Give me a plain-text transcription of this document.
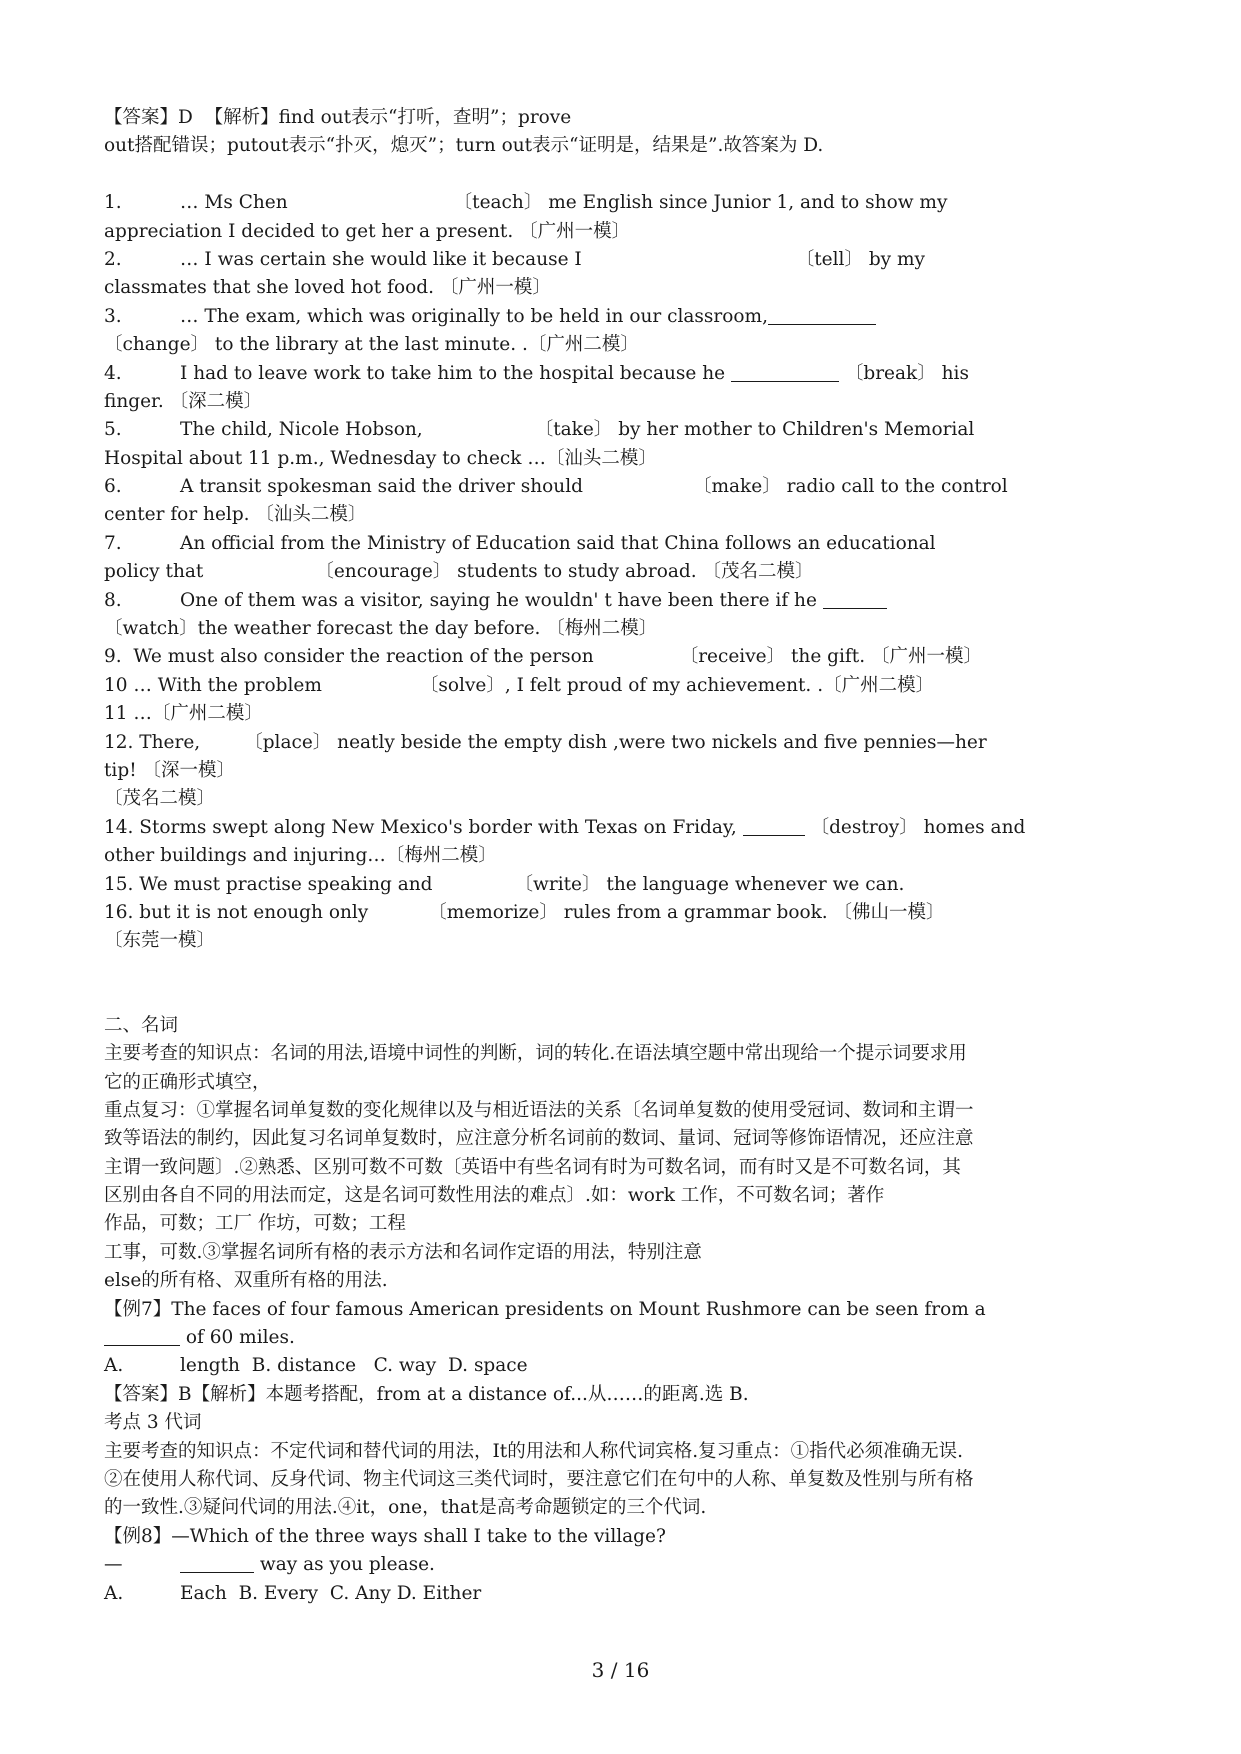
【答案】D  【解析】find out表示“打听，查明”；prove
out搭配错误；putout表示“扑灭，熄灭”；turn out表示“证明是，结果是”.故答案为 D.
1.	… Ms Chen	〔teach〕 me English since Junior 1, and to show my
appreciation I decided to get her a present. 〔广州一模〕
2.	… I was certain she would like it because I	〔tell〕 by my
classmates that she loved hot food. 〔广州一模〕
3.	… The exam, which was originally to be held in our classroom,
〔change〕 to the library at the last minute. .〔广州二模〕
4.	I had to leave work to take him to the hospital because he	〔break〕 his
finger. 〔深二模〕
5.	The child, Nicole Hobson,	〔take〕 by her mother to Children's Memorial
Hospital about 11 p.m., Wednesday to check …〔汕头二模〕
6.	A transit spokesman said the driver should	〔make〕 radio call to the control
center for help. 〔汕头二模〕
7.	An official from the Ministry of Education said that China follows an educational
policy that	〔encourage〕 students to study abroad. 〔茂名二模〕
8.	One of them was a visitor, saying he wouldn' t have been there if he
〔watch〕the weather forecast the day before. 〔梅州二模〕
9.  We must also consider the reaction of the person	〔receive〕 the gift. 〔广州一模〕
10 … With the problem	〔solve〕, I felt proud of my achievement. .〔广州二模〕
11 …〔广州二模〕
12. There, 〔place〕 neatly beside the empty dish ,were two nickels and five pennies—her
tip! 〔深一模〕
〔茂名二模〕
14. Storms swept along New Mexico's border with Texas on Friday,	〔destroy〕 homes and
other buildings and injuring…〔梅州二模〕
15. We must practise speaking and	〔write〕 the language whenever we can.
16. but it is not enough only	〔memorize〕 rules from a grammar book. 〔佛山一模〕
〔东莞一模〕
二、名词
主要考查的知识点：名词的用法,语境中词性的判断，词的转化.在语法填空题中常出现给一个提示词要求用
它的正确形式填空，
重点复习：①掌握名词单复数的变化规律以及与相近语法的关系〔名词单复数的使用受冠词、数词和主谓一
致等语法的制约，因此复习名词单复数时，应注意分析名词前的数词、量词、冠词等修饰语情况，还应注意
主谓一致问题〕.②熟悉、区别可数不可数〔英语中有些名词有时为可数名词，而有时又是不可数名词，其
区别由各自不同的用法而定，这是名词可数性用法的难点〕.如：work 工作，不可数名词；著作
作品，可数；工厂 作坊，可数；工程
工事，可数.③掌握名词所有格的表示方法和名词作定语的用法，特别注意
else的所有格、双重所有格的用法.
【例7】The faces of four famous American presidents on Mount Rushmore can be seen from a
of 60 miles.
A.	length  B. distance   C. way  D. space
【答案】B【解析】本题考搭配，from at a distance of...从……的距离.选 B.
考点 3 代词
主要考查的知识点：不定代词和替代词的用法，It的用法和人称代词宾格.复习重点：①指代必须准确无误.
②在使用人称代词、反身代词、物主代词这三类代词时，要注意它们在句中的人称、单复数及性别与所有格
的一致性.③疑问代词的用法.④it，one，that是高考命题锁定的三个代词.
【例8】—Which of the three ways shall I take to the village?
—	way as you please.
A.	Each  B. Every  C. Any D. Either
3 / 16
